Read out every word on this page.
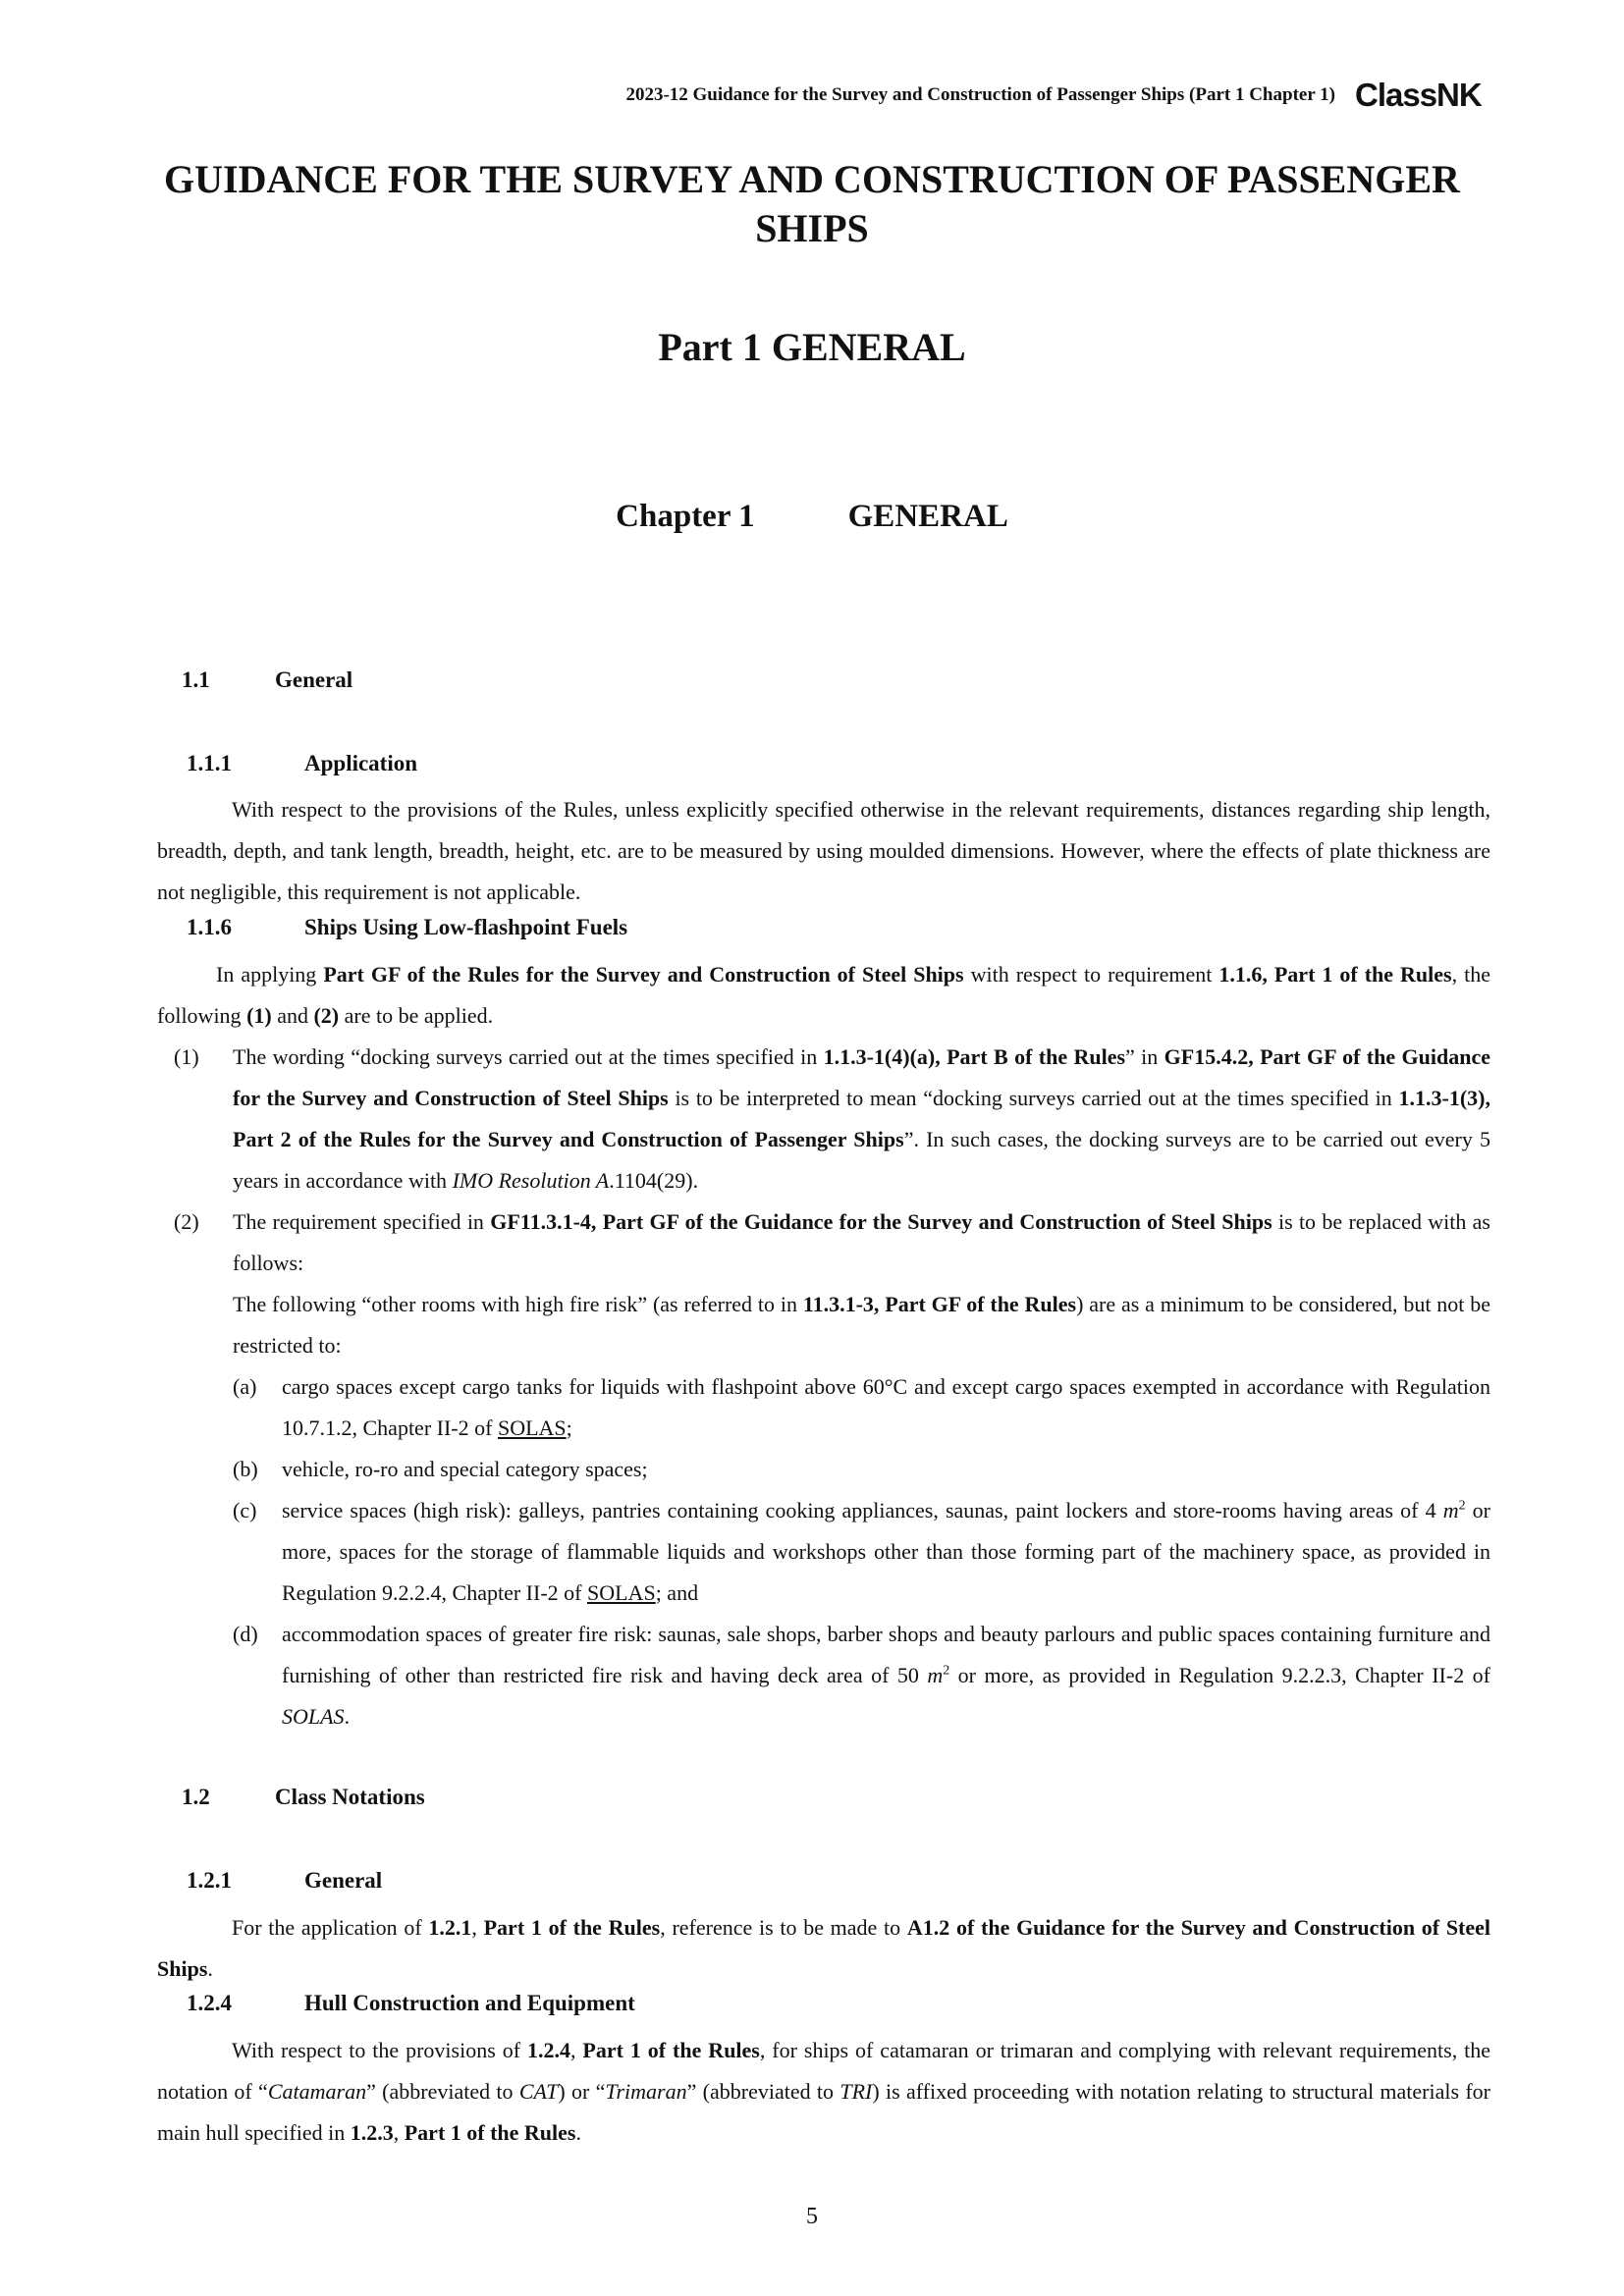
2023-12 Guidance for the Survey and Construction of Passenger Ships (Part 1 Chapter 1) ClassNK
GUIDANCE FOR THE SURVEY AND CONSTRUCTION OF PASSENGER SHIPS
Part 1 GENERAL
Chapter 1	GENERAL
1.1	General
1.1.1	Application

With respect to the provisions of the Rules, unless explicitly specified otherwise in the relevant requirements, distances regarding ship length, breadth, depth, and tank length, breadth, height, etc. are to be measured by using moulded dimensions. However, where the effects of plate thickness are not negligible, this requirement is not applicable.

1.1.6	Ships Using Low-flashpoint Fuels

In applying Part GF of the Rules for the Survey and Construction of Steel Ships with respect to requirement 1.1.6, Part 1 of the Rules, the following (1) and (2) are to be applied.

(1) The wording “docking surveys carried out at the times specified in 1.1.3-1(4)(a), Part B of the Rules” in GF15.4.2, Part GF of the Guidance for the Survey and Construction of Steel Ships is to be interpreted to mean “docking surveys carried out at the times specified in 1.1.3-1(3), Part 2 of the Rules for the Survey and Construction of Passenger Ships”. In such cases, the docking surveys are to be carried out every 5 years in accordance with IMO Resolution A.1104(29).
(2) The requirement specified in GF11.3.1-4, Part GF of the Guidance for the Survey and Construction of Steel Ships is to be replaced with as follows:
The following “other rooms with high fire risk” (as referred to in 11.3.1-3, Part GF of the Rules) are as a minimum to be considered, but not be restricted to:
(a) cargo spaces except cargo tanks for liquids with flashpoint above 60°C and except cargo spaces exempted in accordance with Regulation 10.7.1.2, Chapter II-2 of SOLAS;
(b) vehicle, ro-ro and special category spaces;
(c) service spaces (high risk): galleys, pantries containing cooking appliances, saunas, paint lockers and store-rooms having areas of 4 $m^2$ or more, spaces for the storage of flammable liquids and workshops other than those forming part of the machinery space, as provided in Regulation 9.2.2.4, Chapter II-2 of SOLAS; and
(d) accommodation spaces of greater fire risk: saunas, sale shops, barber shops and beauty parlours and public spaces containing furniture and furnishing of other than restricted fire risk and having deck area of 50 $m^2$ or more, as provided in Regulation 9.2.2.3, Chapter II-2 of SOLAS.
1.2	Class Notations
1.2.1	General

For the application of 1.2.1, Part 1 of the Rules, reference is to be made to A1.2 of the Guidance for the Survey and Construction of Steel Ships.

1.2.4	Hull Construction and Equipment

With respect to the provisions of 1.2.4, Part 1 of the Rules, for ships of catamaran or trimaran and complying with relevant requirements, the notation of “Catamaran” (abbreviated to CAT) or “Trimaran” (abbreviated to TRI) is affixed proceeding with notation relating to structural materials for main hull specified in 1.2.3, Part 1 of the Rules.

5
